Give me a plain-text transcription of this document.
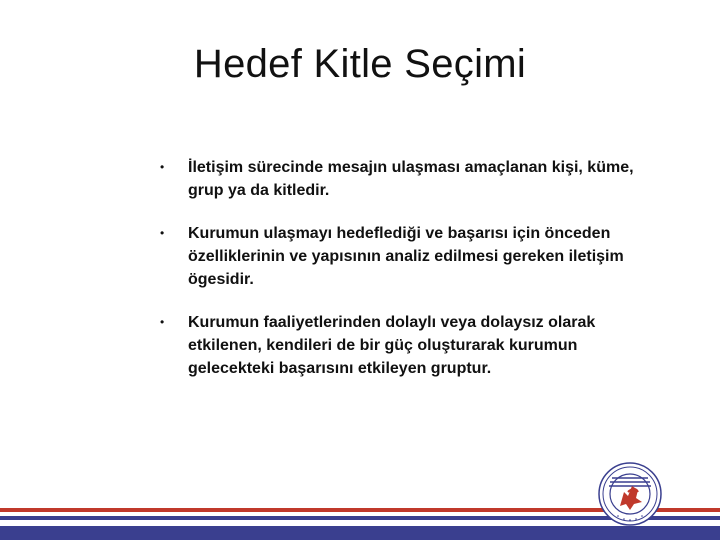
Hedef Kitle Seçimi
• İletişim sürecinde mesajın ulaşması amaçlanan kişi, küme, grup ya da kitledir.
• Kurumun ulaşmayı hedeflediği ve başarısı için önceden özelliklerinin ve yapısının analiz edilmesi gereken iletişim ögesidir.
• Kurumun faaliyetlerinden dolaylı veya dolaysız olarak etkilenen, kendileri de bir güç oluşturarak kurumun gelecekteki başarısını etkileyen gruptur.
